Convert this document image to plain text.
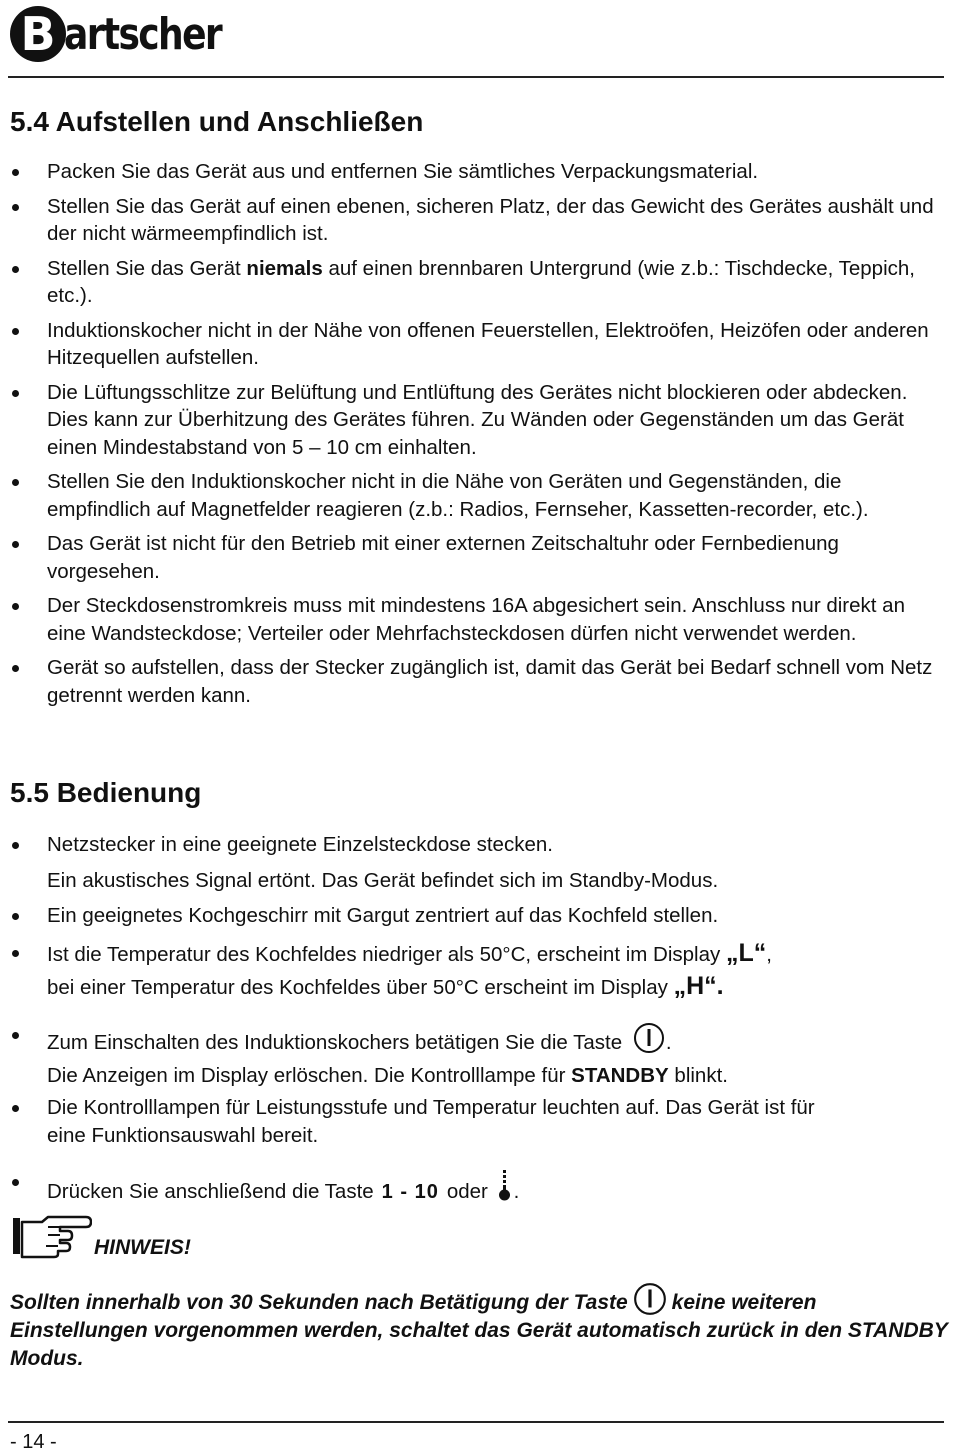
B artscher
5.4 Aufstellen und Anschließen
Packen Sie das Gerät aus und entfernen Sie sämtliches Verpackungsmaterial.
Stellen Sie das Gerät auf einen ebenen, sicheren Platz, der das Gewicht des Gerätes aushält und der nicht wärmeempfindlich ist.
Stellen Sie das Gerät niemals auf einen brennbaren Untergrund (wie z.b.: Tischdecke, Teppich, etc.).
Induktionskocher nicht in der Nähe von offenen Feuerstellen, Elektroöfen, Heizöfen oder anderen Hitzequellen aufstellen.
Die Lüftungsschlitze zur Belüftung und Entlüftung des Gerätes nicht blockieren oder abdecken. Dies kann zur Überhitzung des Gerätes führen. Zu Wänden oder Gegenständen um das Gerät einen Mindestabstand von 5 – 10 cm einhalten.
Stellen Sie den Induktionskocher nicht in die Nähe von Geräten und Gegenständen, die empfindlich auf Magnetfelder reagieren (z.b.: Radios, Fernseher, Kassetten-recorder, etc.).
Das Gerät ist nicht für den Betrieb mit einer externen Zeitschaltuhr oder Fernbedienung vorgesehen.
Der Steckdosenstromkreis muss mit mindestens 16A abgesichert sein. Anschluss nur direkt an eine Wandsteckdose; Verteiler oder Mehrfachsteckdosen dürfen nicht verwendet werden.
Gerät so aufstellen, dass der Stecker zugänglich ist, damit das Gerät bei Bedarf schnell vom Netz getrennt werden kann.
5.5 Bedienung
Netzstecker in eine geeignete Einzelsteckdose stecken.
Ein akustisches Signal ertönt. Das Gerät befindet sich im Standby-Modus.
Ein geeignetes Kochgeschirr mit Gargut zentriert auf das Kochfeld stellen.
Ist die Temperatur des Kochfeldes niedriger als 50°C, erscheint im Display „L“,
bei einer Temperatur des Kochfeldes über 50°C erscheint im Display „H“.
Zum Einschalten des Induktionskochers betätigen Sie die Taste .
Die Anzeigen im Display erlöschen. Die Kontrolllampe für STANDBY blinkt.
Die Kontrolllampen für Leistungsstufe und Temperatur leuchten auf. Das Gerät ist für
eine Funktionsauswahl bereit.
Drücken Sie anschließend die Taste 1 - 10 oder .
HINWEIS!
Sollten innerhalb von 30 Sekunden nach Betätigung der Taste keine weiteren Einstellungen vorgenommen werden, schaltet das Gerät automatisch zurück in den STANDBY Modus.
- 14 -
